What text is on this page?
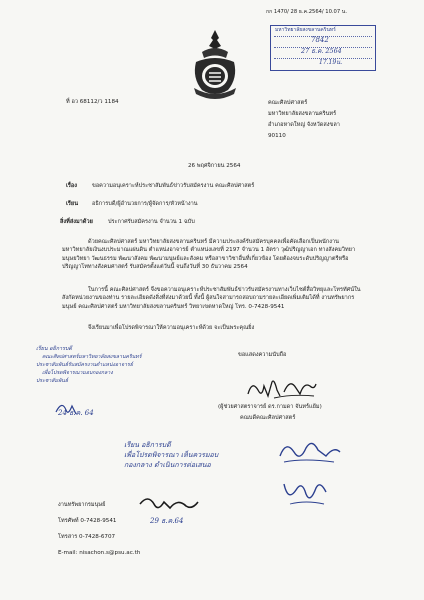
กก 1470/ 28 ธ.ค.2564/ 10.07 น.
มหาวิทยาลัยสงขลานครินทร์
7842
27 ธ.ค. 2564
17.19น.
ที่ อว 68112/ว 1184	คณะศิลปศาสตร์
มหาวิทยาลัยสงขลานครินทร์
อำเภอหาดใหญ่ จังหวัดสงขลา
90110
26 พฤศจิกายน 2564
เรื่อง	ขอความอนุเคราะห์ประชาสัมพันธ์ข่าวรับสมัครงาน คณะศิลปศาสตร์
เรียน อธิการบดี/ผู้อำนวยการ/ผู้จัดการ/หัวหน้างาน
สิ่งที่ส่งมาด้วย	ประกาศรับสมัครงาน จำนวน 1 ฉบับ
ด้วยคณะศิลปศาสตร์ มหาวิทยาลัยสงขลานครินทร์ มีความประสงค์รับสมัครบุคคลเพื่อคัดเลือกเป็นพนักงานมหาวิทยาลัยเงินงบประมาณแผ่นดิน ตำแหน่งอาจารย์ ตำแหน่งเลขที่ 2197 จำนวน 1 อัตรา วุฒิปริญญาเอก ทางสังคมวิทยา มนุษยวิทยา วัฒนธรรม พัฒนาสังคม พัฒนามนุษย์และสังคม หรือสาขาวิชาอื่นที่เกี่ยวข้อง โดยต้องจบระดับปริญญาตรีหรือปริญญาโททางสังคมศาสตร์ รับสมัครตั้งแต่วันนี้ จนถึงวันที่ 30 ธันวาคม 2564
ในการนี้ คณะศิลปศาสตร์ จึงขอความอนุเคราะห์ประชาสัมพันธ์ข่าวรับสมัครงานทางเว็บไซต์สื่อวิทยุและโทรทัศน์ในสังกัดหน่วยงานของท่าน รายละเอียดดังสิ่งที่ส่งมาด้วยนี้ ทั้งนี้ ผู้สนใจสามารถสอบถามรายละเอียดเพิ่มเติมได้ที่ งานทรัพยากรมนุษย์ คณะศิลปศาสตร์ มหาวิทยาลัยสงขลานครินทร์ วิทยาเขตหาดใหญ่ โทร. 0-7428-9541
จึงเรียนมาเพื่อโปรดพิจารณาให้ความอนุเคราะห์ด้วย จะเป็นพระคุณยิ่ง
ขอแสดงความนับถือ
(ผู้ช่วยศาสตราจารย์ ดร.กามดา จันทร์แย้ม)
คณบดีคณะศิลปศาสตร์
เรียน อธิการบดี
คณะศิลปศาสตร์มหาวิทยาลัยสงขลานครินทร์
ประชาสัมพันธ์รับสมัครงานตำแหน่งอาจารย์
เพื่อโปรดพิจารณามอบกองกลาง
ประชาสัมพันธ์
24 ธ.ค. 64
เรียน อธิการบดี
เพื่อโปรดพิจารณา เห็นควรมอบ
กองกลาง ดำเนินการต่อเสนอ
29 ธ.ค.64
งานทรัพยากรมนุษย์
โทรศัพท์ 0-7428-9541
โทรสาร 0-7428-6707
E-mail: nisachon.s@psu.ac.th
